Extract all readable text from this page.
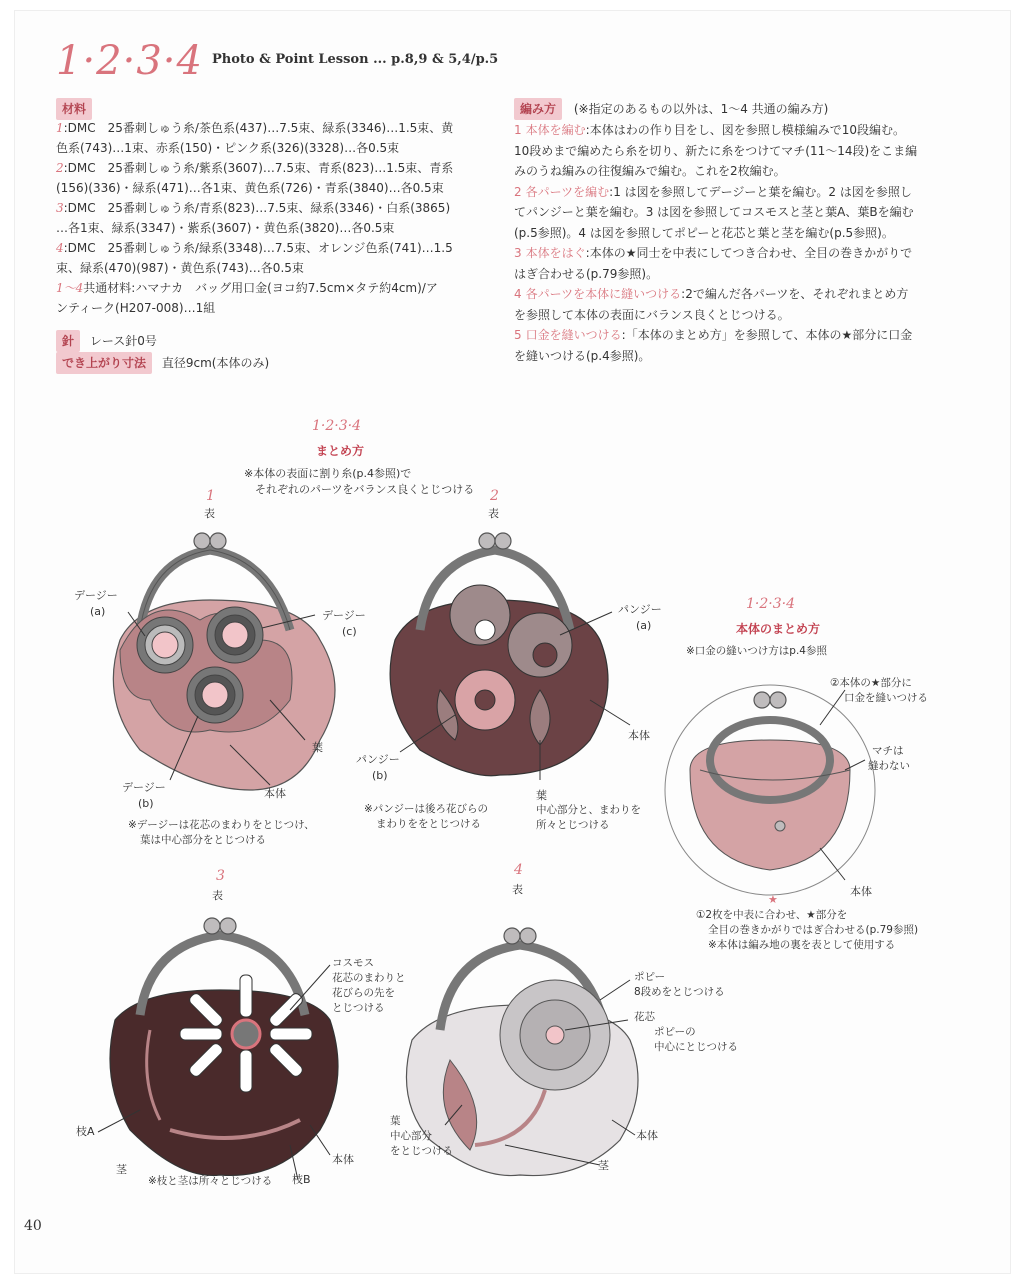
1·2·3·4 Photo & Point Lesson ... p.8,9 & 5,4/p.5
材料
1:DMC　25番刺しゅう糸/茶色系(437)…7.5束、緑系(3346)…1.5束、黄
色系(743)…1束、赤系(150)・ピンク系(326)(3328)…各0.5束
2:DMC　25番刺しゅう糸/紫系(3607)…7.5束、青系(823)…1.5束、青系
(156)(336)・緑系(471)…各1束、黄色系(726)・青系(3840)…各0.5束
3:DMC　25番刺しゅう糸/青系(823)…7.5束、緑系(3346)・白系(3865)
…各1束、緑系(3347)・紫系(3607)・黄色系(3820)…各0.5束
4:DMC　25番刺しゅう糸/緑系(3348)…7.5束、オレンジ色系(741)…1.5
束、緑系(470)(987)・黄色系(743)…各0.5束
1〜4共通材料:ハマナカ　バッグ用口金(ヨコ約7.5cm×タテ約4cm)/ア
ンティーク(H207-008)…1組
針 レース針0号
でき上がり寸法 直径9cm(本体のみ)
編み方 (※指定のあるもの以外は、1〜4 共通の編み方)
1 本体を編む:本体はわの作り目をし、図を参照し模様編みで10段編む。
10段めまで編めたら糸を切り、新たに糸をつけてマチ(11〜14段)をこま編
みのうね編みの往復編みで編む。これを2枚編む。
2 各パーツを編む:1 は図を参照してデージーと葉を編む。2 は図を参照し
てパンジーと葉を編む。3 は図を参照してコスモスと茎と葉A、葉Bを編む
(p.5参照)。4 は図を参照してポピーと花芯と葉と茎を編む(p.5参照)。
3 本体をはぐ:本体の★同士を中表にしてつき合わせ、全目の巻きかがりで
はぎ合わせる(p.79参照)。
4 各パーツを本体に縫いつける:2で編んだ各パーツを、それぞれまとめ方
を参照して本体の表面にバランス良くとじつける。
5 口金を縫いつける:「本体のまとめ方」を参照して、本体の★部分に口金
を縫いつける(p.4参照)。
1·2·3·4
まとめ方
※本体の表面に割り糸(p.4参照)で
それぞれのパーツをバランス良くとじつける
1
表
デージー
(a)	デージー
(c)
葉
デージー
(b)
本体
※デージーは花芯のまわりをとじつけ、
葉は中心部分をとじつける
2
表
パンジー
(a)
本体
パンジー
(b)
葉
中心部分と、まわりを
所々とじつける
※パンジーは後ろ花びらの
まわりををとじつける
1·2·3·4
本体のまとめ方
※口金の縫いつけ方はp.4参照
②本体の★部分に
口金を縫いつける
マチは
縫わない
本体
★
①2枚を中表に合わせ、★部分を
全目の巻きかがりではぎ合わせる(p.79参照)
※本体は編み地の裏を表として使用する
3
表
コスモス
花芯のまわりと
花びらの先を
とじつける
枝A
茎
本体
枝B
※枝と茎は所々とじつける
4
表
ポピー
8段めをとじつける
花芯
ポピーの
中心にとじつける
葉
中心部分
をとじつける
本体
茎
40
